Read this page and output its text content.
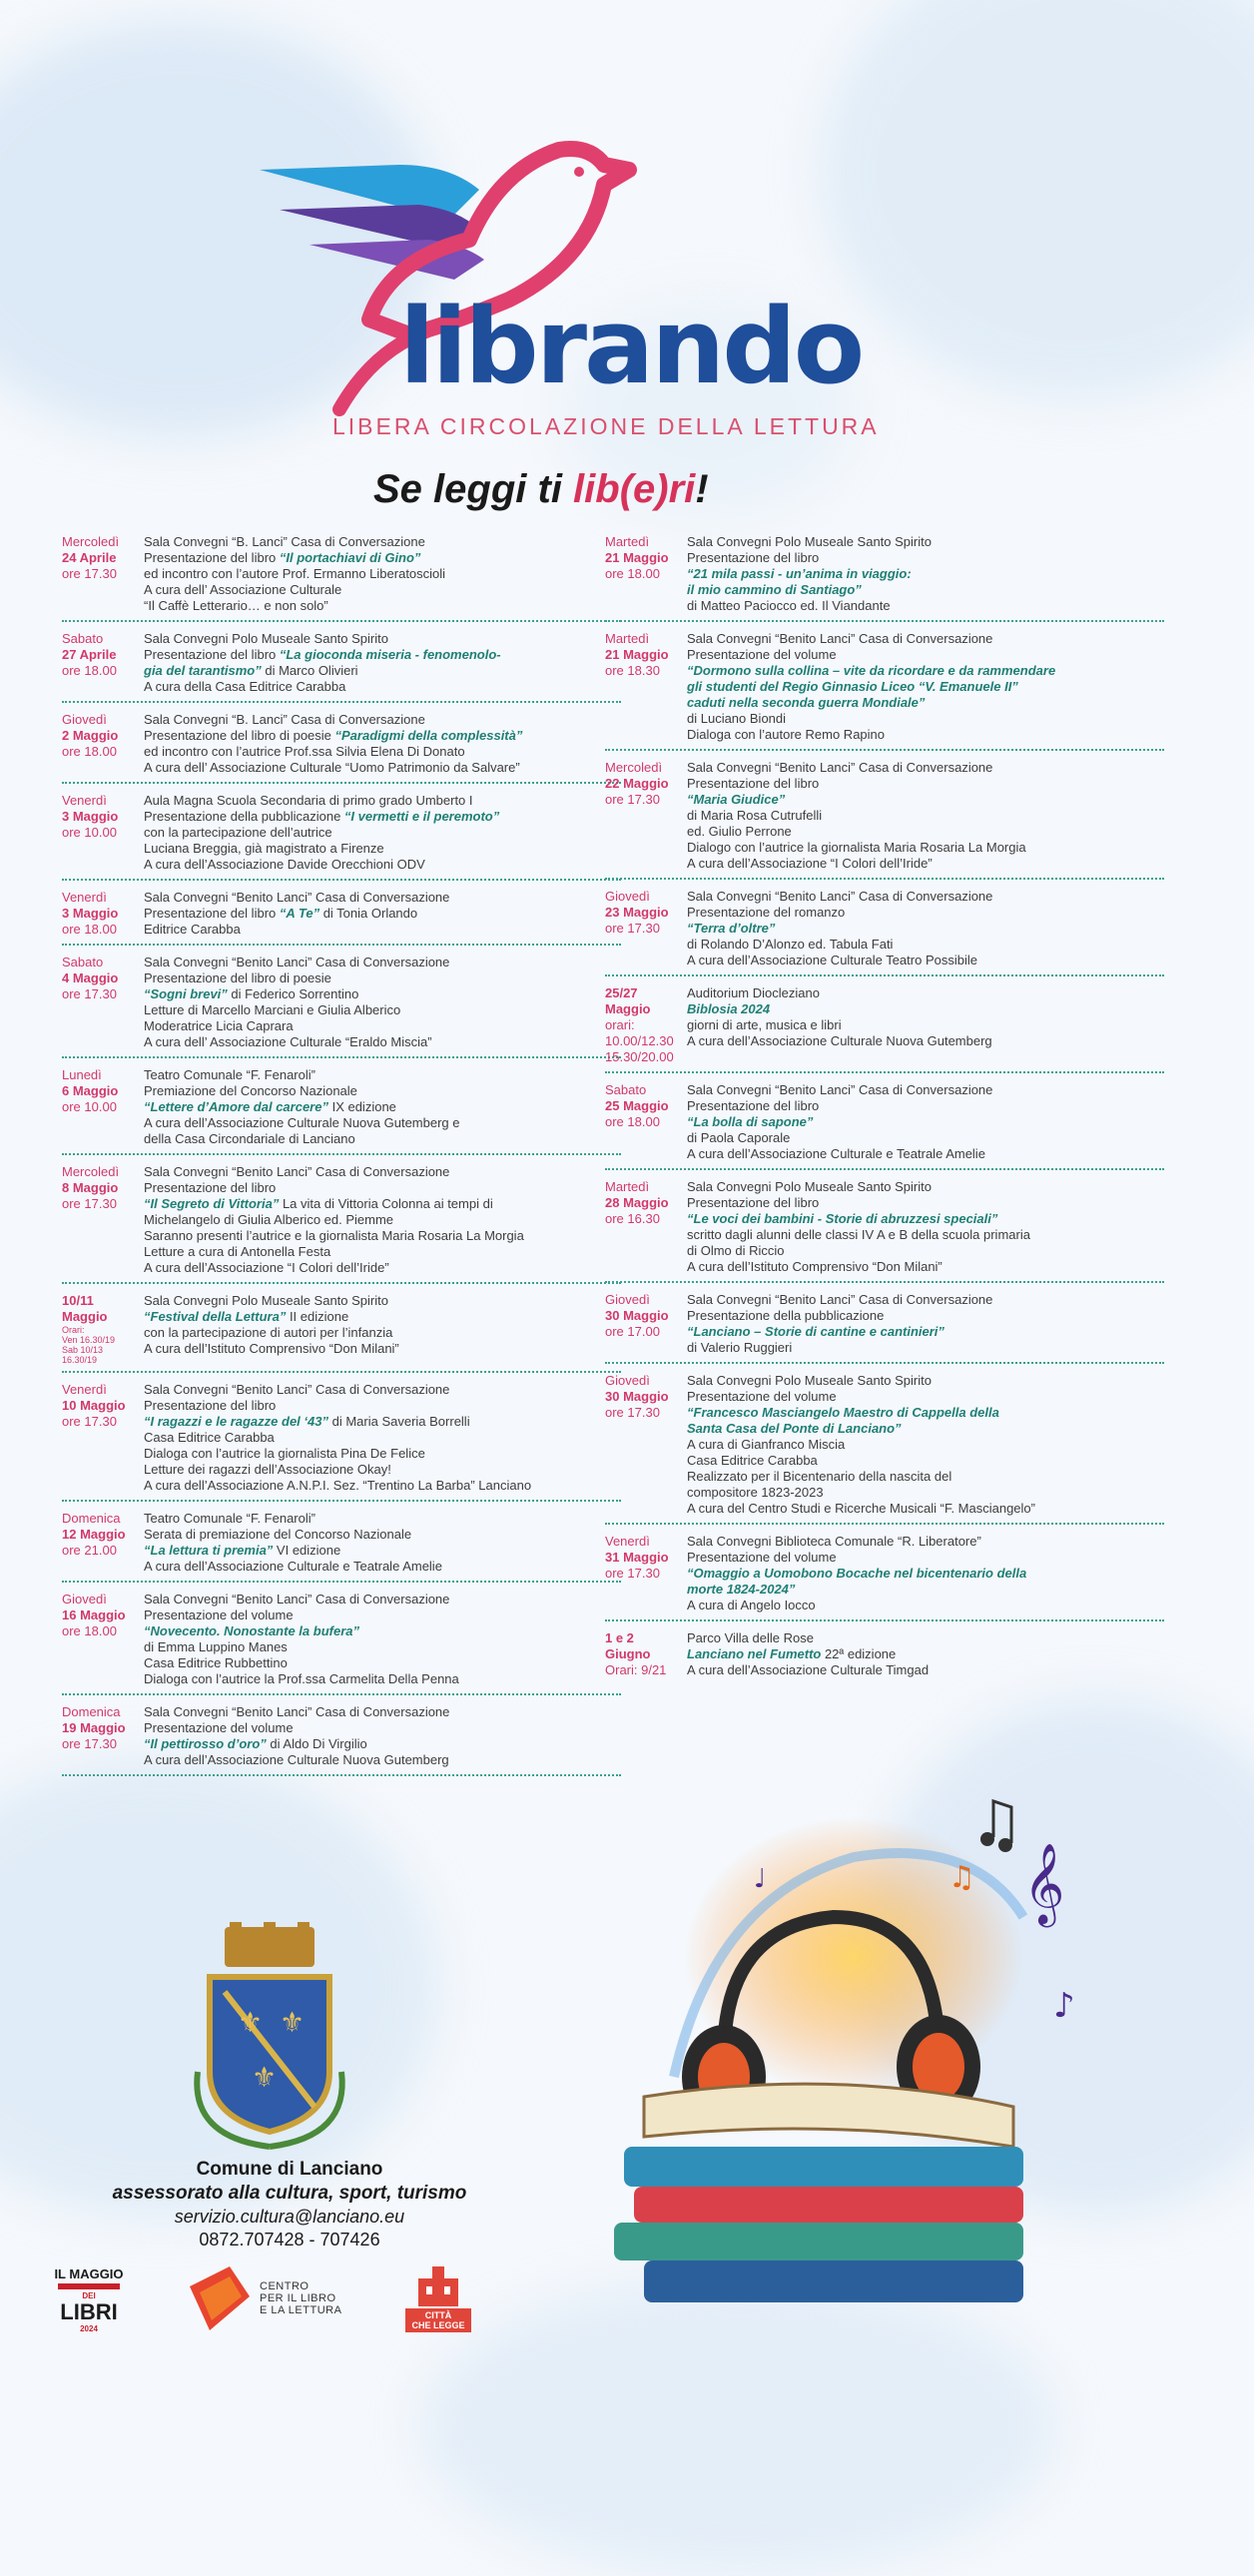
librando
LIBERA CIRCOLAZIONE DELLA LETTURA
Se leggi ti lib(e)ri!
Mercoledì
24 Aprile
ore 17.30
Sala Convegni “B. Lanci” Casa di Conversazione
Presentazione del libro “Il portachiavi di Gino”
ed incontro con l’autore Prof. Ermanno Liberatoscioli
A cura dell’ Associazione Culturale
“Il Caffè Letterario… e non solo”
Sabato
27 Aprile
ore 18.00
Sala Convegni Polo Museale Santo Spirito
Presentazione del libro “La gioconda miseria - fenomenolo-
gia del tarantismo” di Marco Olivieri
A cura della Casa Editrice Carabba
Giovedì
2 Maggio
ore 18.00
Sala Convegni “B. Lanci” Casa di Conversazione
Presentazione del libro di poesie “Paradigmi della complessità”
ed incontro con l’autrice Prof.ssa Silvia Elena Di Donato
A cura dell’ Associazione Culturale “Uomo Patrimonio da Salvare”
Venerdì
3 Maggio
ore 10.00
Aula Magna Scuola Secondaria di primo grado Umberto I
Presentazione della pubblicazione “I vermetti e il peremoto”
con la partecipazione dell’autrice
Luciana Breggia, già magistrato a Firenze
A cura dell’Associazione Davide Orecchioni ODV
Venerdì
3 Maggio
ore 18.00
Sala Convegni “Benito Lanci” Casa di Conversazione
Presentazione del libro “A Te” di Tonia Orlando
Editrice Carabba
Sabato
4 Maggio
ore 17.30
Sala Convegni “Benito Lanci” Casa di Conversazione
Presentazione del libro di poesie
“Sogni brevi” di Federico Sorrentino
Letture di Marcello Marciani e Giulia Alberico
Moderatrice Licia Caprara
A cura dell’ Associazione Culturale “Eraldo Miscia”
Lunedì
6 Maggio
ore 10.00
Teatro Comunale “F. Fenaroli”
Premiazione del Concorso Nazionale
“Lettere d’Amore dal carcere” IX edizione
A cura dell’Associazione Culturale Nuova Gutemberg e
della Casa Circondariale di Lanciano
Mercoledì
8 Maggio
ore 17.30
Sala Convegni “Benito Lanci” Casa di Conversazione
Presentazione del libro
“Il Segreto di Vittoria” La vita di Vittoria Colonna ai tempi di
Michelangelo di Giulia Alberico ed. Piemme
Saranno presenti l’autrice e la giornalista Maria Rosaria La Morgia
Letture a cura di Antonella Festa
A cura dell’Associazione “I Colori dell’Iride”
10/11
Maggio
Orari:
Ven 16.30/19
Sab 10/13
16.30/19
Sala Convegni Polo Museale Santo Spirito
“Festival della Lettura” II edizione
con la partecipazione di autori per l’infanzia
A cura dell’Istituto Comprensivo “Don Milani”
Venerdì
10 Maggio
ore 17.30
Sala Convegni “Benito Lanci” Casa di Conversazione
Presentazione del libro
“I ragazzi e le ragazze del ‘43” di Maria Saveria Borrelli
Casa Editrice Carabba
Dialoga con l’autrice la giornalista Pina De Felice
Letture dei ragazzi dell’Associazione Okay!
A cura dell’Associazione A.N.P.I. Sez. “Trentino La Barba” Lanciano
Domenica
12 Maggio
ore 21.00
Teatro Comunale “F. Fenaroli”
Serata di premiazione del Concorso Nazionale
“La lettura ti premia” VI edizione
A cura dell’Associazione Culturale e Teatrale Amelie
Giovedì
16 Maggio
ore 18.00
Sala Convegni “Benito Lanci” Casa di Conversazione
Presentazione del volume
“Novecento. Nonostante la bufera”
di Emma Luppino Manes
Casa Editrice Rubbettino
Dialoga con l’autrice la Prof.ssa Carmelita Della Penna
Domenica
19 Maggio
ore 17.30
Sala Convegni “Benito Lanci” Casa di Conversazione
Presentazione del volume
“Il pettirosso d’oro” di Aldo Di Virgilio
A cura dell’Associazione Culturale Nuova Gutemberg
Martedì
21 Maggio
ore 18.00
Sala Convegni Polo Museale Santo Spirito
Presentazione del libro
“21 mila passi - un’anima in viaggio:
il mio cammino di Santiago”
di Matteo Paciocco ed. Il Viandante
Martedì
21 Maggio
ore 18.30
Sala Convegni “Benito Lanci” Casa di Conversazione
Presentazione del volume
“Dormono sulla collina – vite da ricordare e da rammendare
gli studenti del Regio Ginnasio Liceo “V. Emanuele II”
caduti nella seconda guerra Mondiale”
di Luciano Biondi
Dialoga con l’autore Remo Rapino
Mercoledì
22 Maggio
ore 17.30
Sala Convegni “Benito Lanci” Casa di Conversazione
Presentazione del libro
“Maria Giudice”
di Maria Rosa Cutrufelli
ed. Giulio Perrone
Dialogo con l’autrice la giornalista Maria Rosaria La Morgia
A cura dell’Associazione “I Colori dell’Iride”
Giovedì
23 Maggio
ore 17.30
Sala Convegni “Benito Lanci” Casa di Conversazione
Presentazione del romanzo
“Terra d’oltre”
di Rolando D’Alonzo ed. Tabula Fati
A cura dell’Associazione Culturale Teatro Possibile
25/27
Maggio
orari:
10.00/12.30
15.30/20.00
Auditorium Diocleziano
Biblosia 2024
giorni di arte, musica e libri
A cura dell’Associazione Culturale Nuova Gutemberg
Sabato
25 Maggio
ore 18.00
Sala Convegni “Benito Lanci” Casa di Conversazione
Presentazione del libro
“La bolla di sapone”
di Paola Caporale
A cura dell’Associazione Culturale e Teatrale Amelie
Martedì
28 Maggio
ore 16.30
Sala Convegni Polo Museale Santo Spirito
Presentazione del libro
“Le voci dei bambini - Storie di abruzzesi speciali”
scritto dagli alunni delle classi IV A e B della scuola primaria
di Olmo di Riccio
A cura dell’Istituto Comprensivo “Don Milani”
Giovedì
30 Maggio
ore 17.00
Sala Convegni “Benito Lanci” Casa di Conversazione
Presentazione della pubblicazione
“Lanciano – Storie di cantine e cantinieri”
di Valerio Ruggieri
Giovedì
30 Maggio
ore 17.30
Sala Convegni Polo Museale Santo Spirito
Presentazione del volume
“Francesco Masciangelo Maestro di Cappella della
Santa Casa del Ponte di Lanciano”
A cura di Gianfranco Miscia
Casa Editrice Carabba
Realizzato per il Bicentenario della nascita del
compositore 1823-2023
A cura del Centro Studi e Ricerche Musicali “F. Masciangelo”
Venerdì
31 Maggio
ore 17.30
Sala Convegni Biblioteca Comunale “R. Liberatore”
Presentazione del volume
“Omaggio a Uomobono Bocache nel bicentenario della
morte 1824-2024”
A cura di Angelo Iocco
1 e 2
Giugno
Orari: 9/21
Parco Villa delle Rose
Lanciano nel Fumetto 22ª edizione
A cura dell’Associazione Culturale Timgad
⚜ ⚜
⚜
Comune di Lanciano
assessorato alla cultura, sport, turismo
servizio.cultura@lanciano.eu
0872.707428 - 707426
IL MAGGIO
DEI
LIBRI
2024
CENTRO
PER IL LIBRO
E LA LETTURA	CITTÀ
CHE LEGGE
𝄞
♪
♫
♩
